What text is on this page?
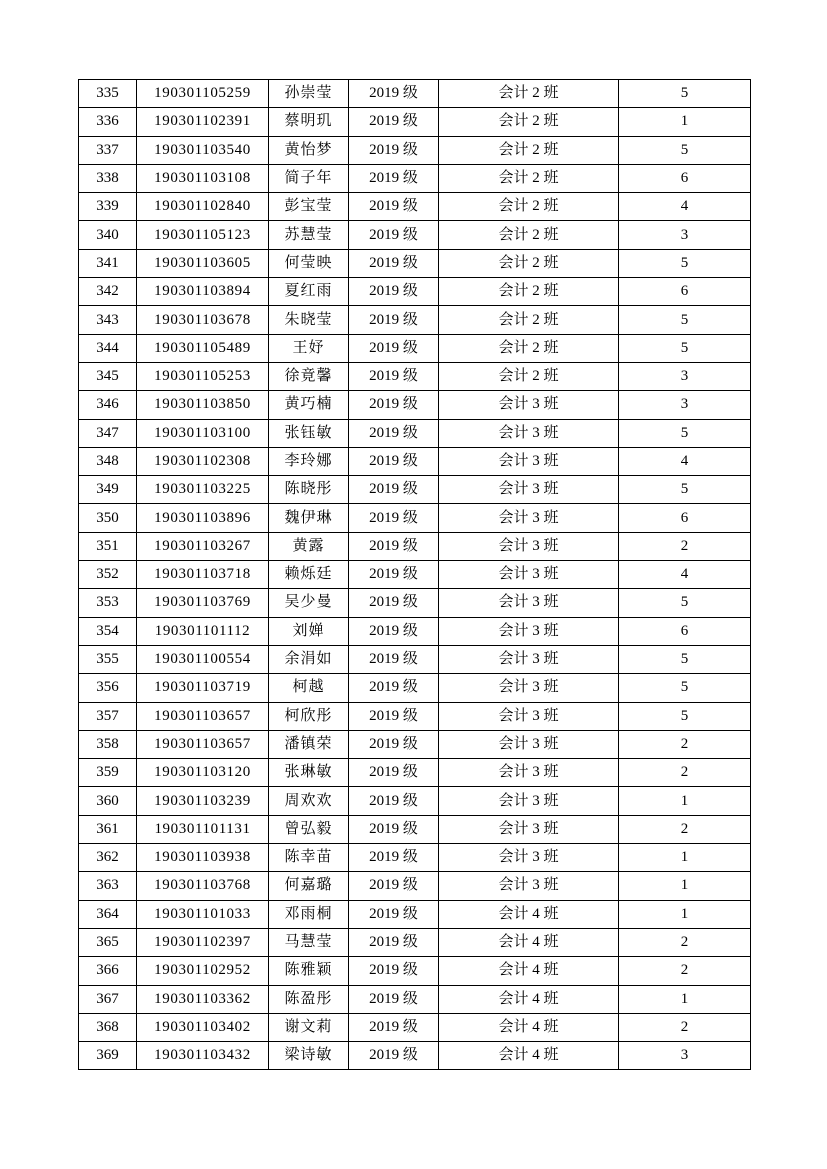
335	190301105259	孙崇莹	2019 级	会计 2 班	5
336	190301102391	蔡明玑	2019 级	会计 2 班	1
337	190301103540	黄怡梦	2019 级	会计 2 班	5
338	190301103108	简子年	2019 级	会计 2 班	6
339	190301102840	彭宝莹	2019 级	会计 2 班	4
340	190301105123	苏慧莹	2019 级	会计 2 班	3
341	190301103605	何莹映	2019 级	会计 2 班	5
342	190301103894	夏红雨	2019 级	会计 2 班	6
343	190301103678	朱晓莹	2019 级	会计 2 班	5
344	190301105489	王妤	2019 级	会计 2 班	5
345	190301105253	徐竟馨	2019 级	会计 2 班	3
346	190301103850	黄巧楠	2019 级	会计 3 班	3
347	190301103100	张钰敏	2019 级	会计 3 班	5
348	190301102308	李玲娜	2019 级	会计 3 班	4
349	190301103225	陈晓彤	2019 级	会计 3 班	5
350	190301103896	魏伊琳	2019 级	会计 3 班	6
351	190301103267	黄露	2019 级	会计 3 班	2
352	190301103718	赖烁廷	2019 级	会计 3 班	4
353	190301103769	吴少曼	2019 级	会计 3 班	5
354	190301101112	刘婵	2019 级	会计 3 班	6
355	190301100554	余涓如	2019 级	会计 3 班	5
356	190301103719	柯越	2019 级	会计 3 班	5
357	190301103657	柯欣彤	2019 级	会计 3 班	5
358	190301103657	潘镇荣	2019 级	会计 3 班	2
359	190301103120	张琳敏	2019 级	会计 3 班	2
360	190301103239	周欢欢	2019 级	会计 3 班	1
361	190301101131	曾弘毅	2019 级	会计 3 班	2
362	190301103938	陈幸苗	2019 级	会计 3 班	1
363	190301103768	何嘉璐	2019 级	会计 3 班	1
364	190301101033	邓雨桐	2019 级	会计 4 班	1
365	190301102397	马慧莹	2019 级	会计 4 班	2
366	190301102952	陈雅颖	2019 级	会计 4 班	2
367	190301103362	陈盈彤	2019 级	会计 4 班	1
368	190301103402	谢文莉	2019 级	会计 4 班	2
369	190301103432	梁诗敏	2019 级	会计 4 班	3
